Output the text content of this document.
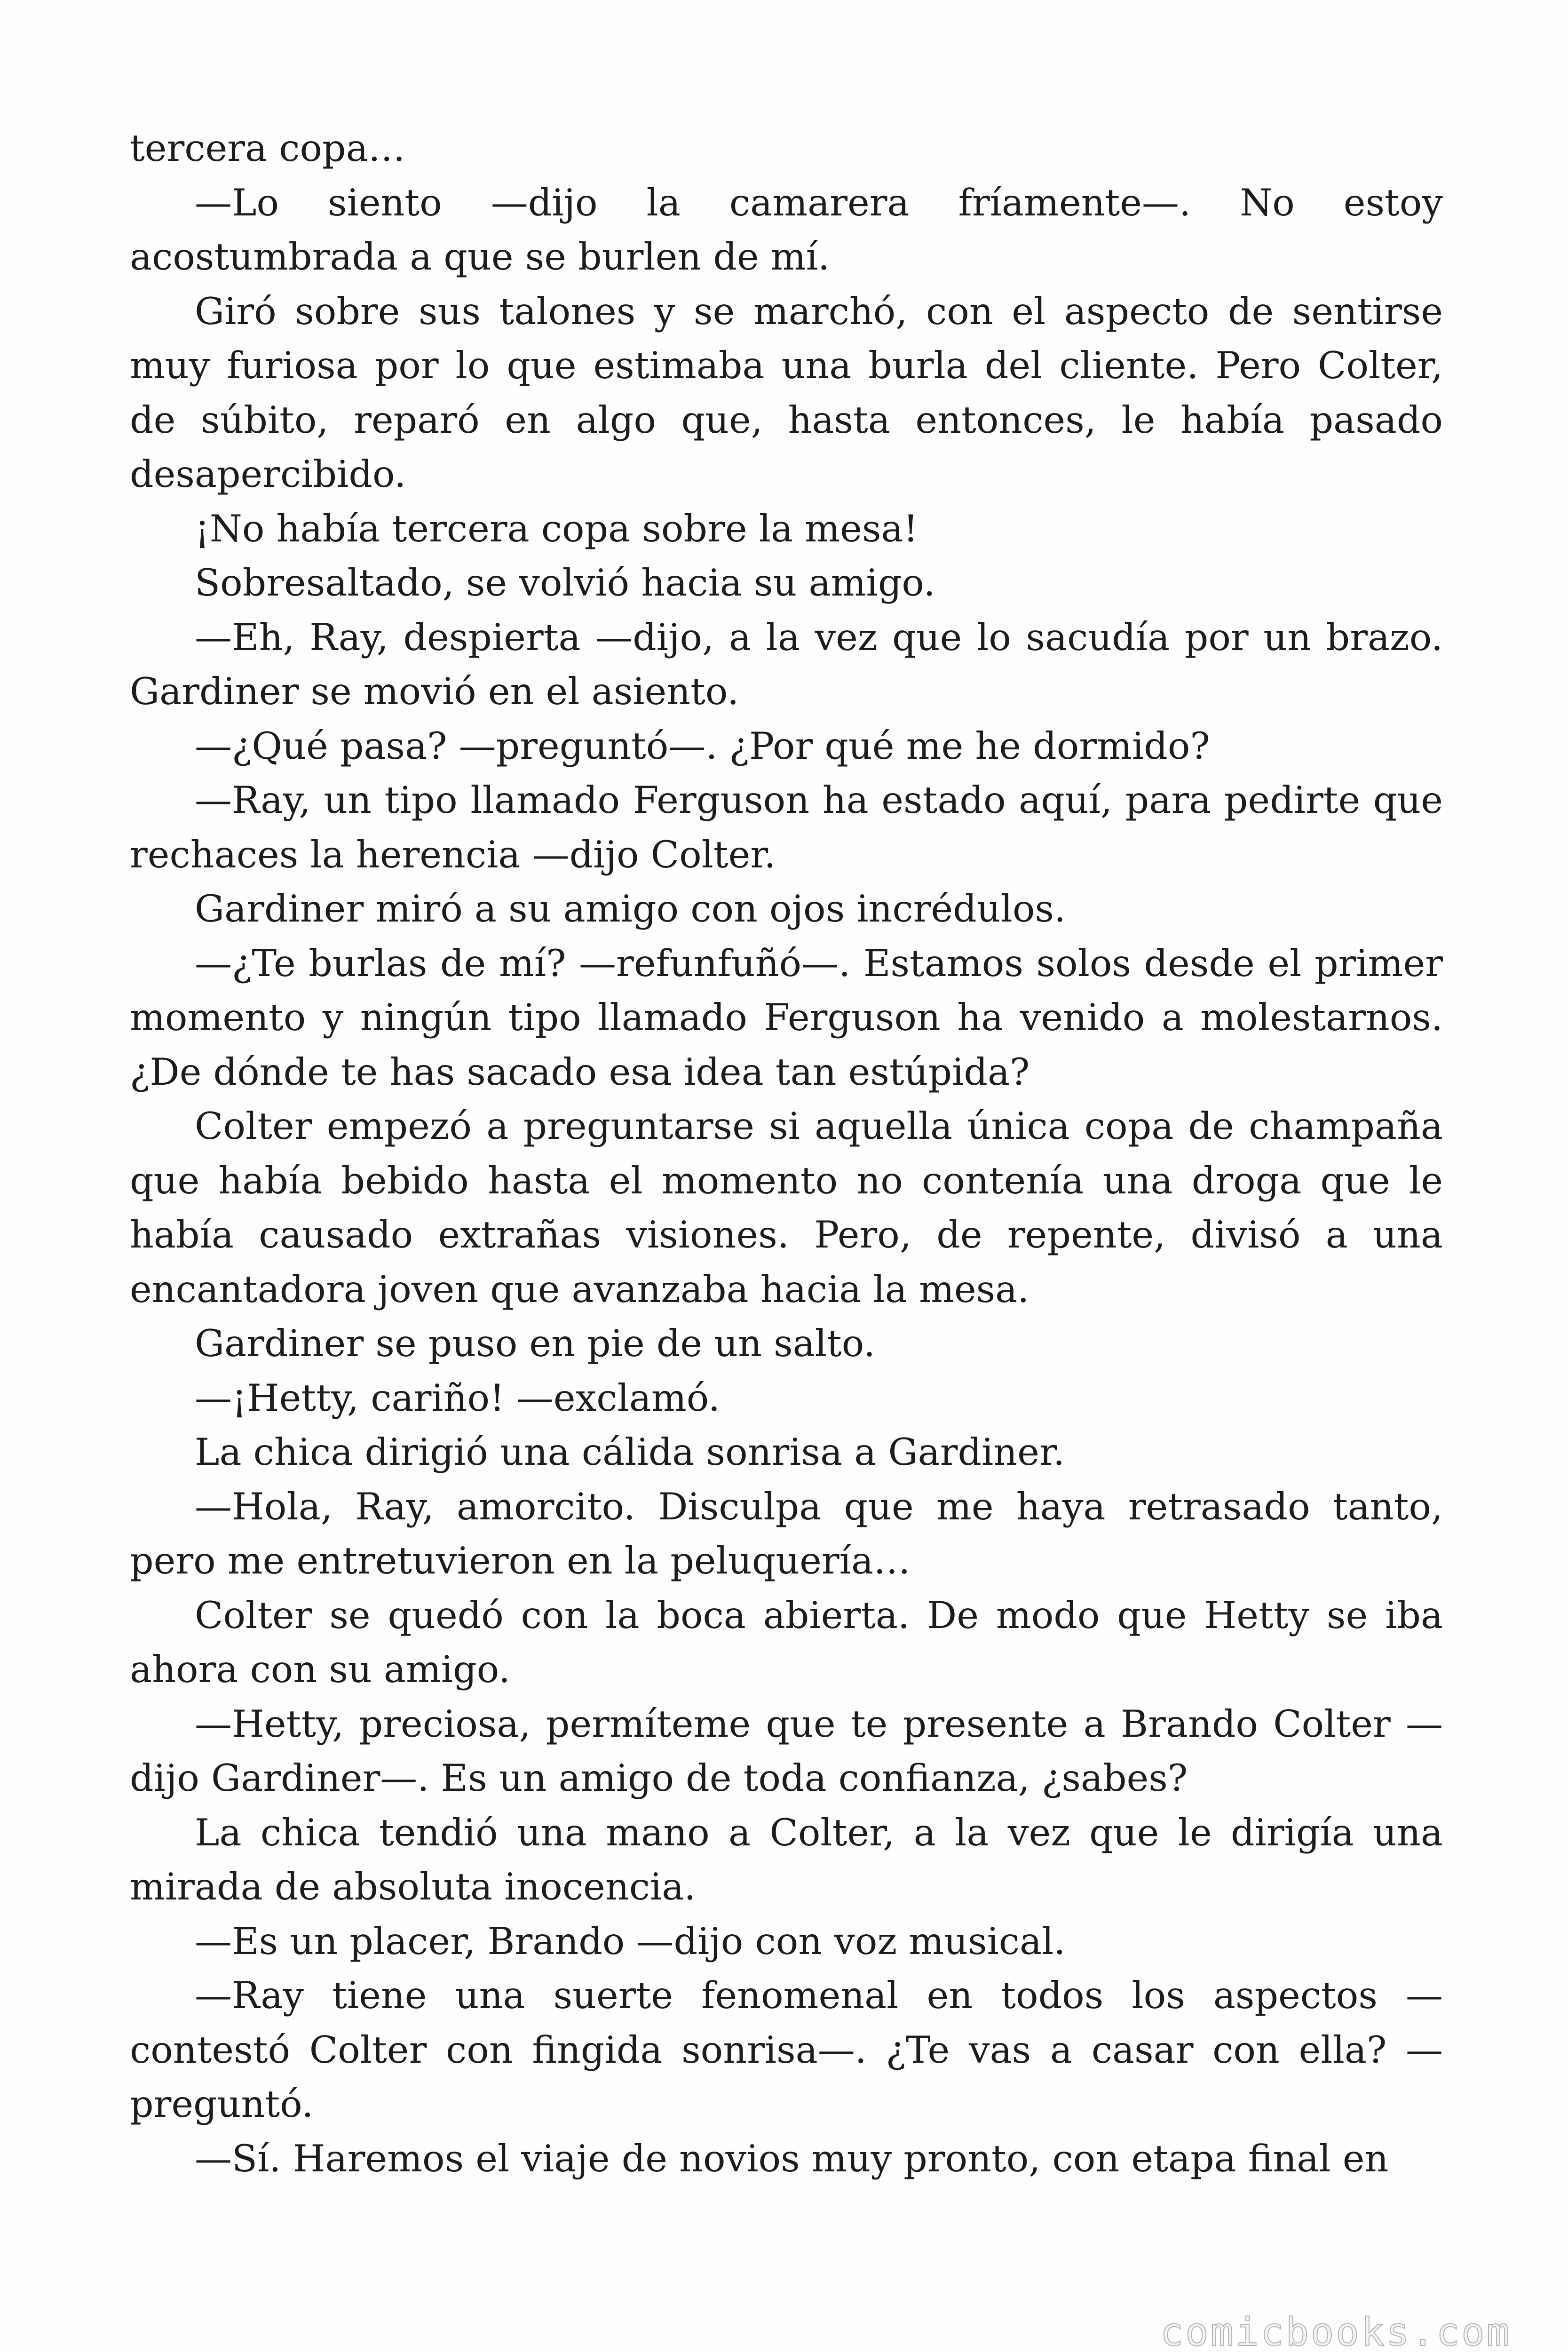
tercera copa…

—Lo siento —dijo la camarera fríamente—. No estoy acostumbrada a que se burlen de mí.

Giró sobre sus talones y se marchó, con el aspecto de sentirse muy furiosa por lo que estimaba una burla del cliente. Pero Colter, de súbito, reparó en algo que, hasta entonces, le había pasado desapercibido.

¡No había tercera copa sobre la mesa!

Sobresaltado, se volvió hacia su amigo.

—Eh, Ray, despierta —dijo, a la vez que lo sacudía por un brazo. Gardiner se movió en el asiento.

—¿Qué pasa? —preguntó—. ¿Por qué me he dormido?

—Ray, un tipo llamado Ferguson ha estado aquí, para pedirte que rechaces la herencia —dijo Colter.

Gardiner miró a su amigo con ojos incrédulos.

—¿Te burlas de mí? —refunfuñó—. Estamos solos desde el primer momento y ningún tipo llamado Ferguson ha venido a molestarnos. ¿De dónde te has sacado esa idea tan estúpida?

Colter empezó a preguntarse si aquella única copa de champaña que había bebido hasta el momento no contenía una droga que le había causado extrañas visiones. Pero, de repente, divisó a una encantadora joven que avanzaba hacia la mesa.

Gardiner se puso en pie de un salto.

—¡Hetty, cariño! —exclamó.

La chica dirigió una cálida sonrisa a Gardiner.

—Hola, Ray, amorcito. Disculpa que me haya retrasado tanto, pero me entretuvieron en la peluquería…

Colter se quedó con la boca abierta. De modo que Hetty se iba ahora con su amigo.

—Hetty, preciosa, permíteme que te presente a Brando Colter —dijo Gardiner—. Es un amigo de toda confianza, ¿sabes?

La chica tendió una mano a Colter, a la vez que le dirigía una mirada de absoluta inocencia.

—Es un placer, Brando —dijo con voz musical.

—Ray tiene una suerte fenomenal en todos los aspectos —contestó Colter con fingida sonrisa—. ¿Te vas a casar con ella? —preguntó.

—Sí. Haremos el viaje de novios muy pronto, con etapa final en

comicbooks.com
